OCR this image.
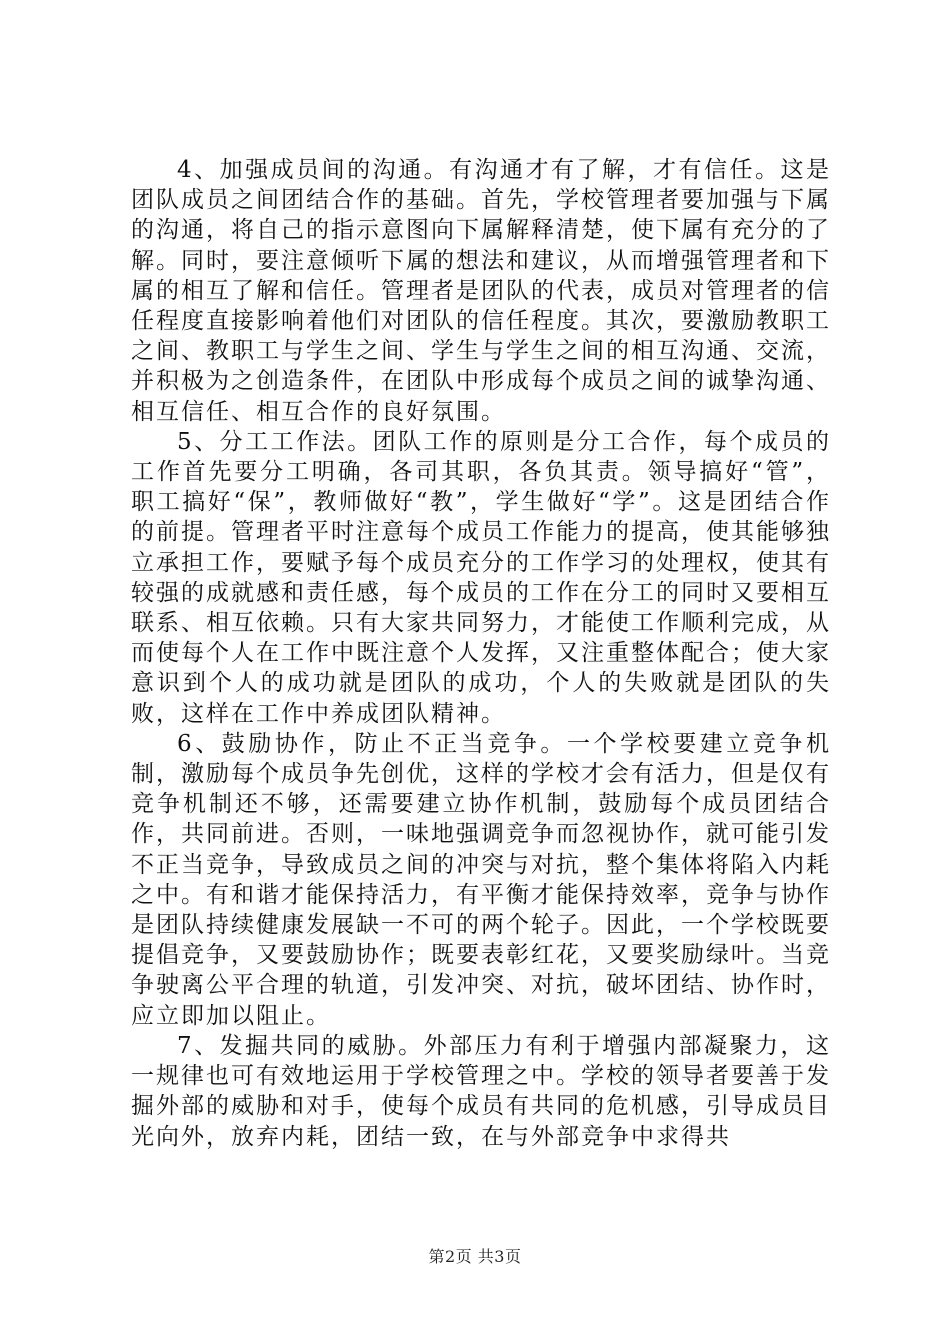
4、加强成员间的沟通。有沟通才有了解，才有信任。这是团队成员之间团结合作的基础。首先，学校管理者要加强与下属的沟通，将自己的指示意图向下属解释清楚，使下属有充分的了解。同时，要注意倾听下属的想法和建议，从而增强管理者和下属的相互了解和信任。管理者是团队的代表，成员对管理者的信任程度直接影响着他们对团队的信任程度。其次，要激励教职工之间、教职工与学生之间、学生与学生之间的相互沟通、交流，并积极为之创造条件，在团队中形成每个成员之间的诚挚沟通、相互信任、相互合作的良好氛围。

5、分工工作法。团队工作的原则是分工合作，每个成员的工作首先要分工明确，各司其职，各负其责。领导搞好“管”，职工搞好“保”，教师做好“教”，学生做好“学”。这是团结合作的前提。管理者平时注意每个成员工作能力的提高，使其能够独立承担工作，要赋予每个成员充分的工作学习的处理权，使其有较强的成就感和责任感，每个成员的工作在分工的同时又要相互联系、相互依赖。只有大家共同努力，才能使工作顺利完成，从而使每个人在工作中既注意个人发挥，又注重整体配合；使大家意识到个人的成功就是团队的成功，个人的失败就是团队的失败，这样在工作中养成团队精神。

6、鼓励协作，防止不正当竞争。一个学校要建立竞争机制，激励每个成员争先创优，这样的学校才会有活力，但是仅有竞争机制还不够，还需要建立协作机制，鼓励每个成员团结合作，共同前进。否则，一味地强调竞争而忽视协作，就可能引发不正当竞争，导致成员之间的冲突与对抗，整个集体将陷入内耗之中。有和谐才能保持活力，有平衡才能保持效率，竞争与协作是团队持续健康发展缺一不可的两个轮子。因此，一个学校既要提倡竞争，又要鼓励协作；既要表彰红花，又要奖励绿叶。当竞争驶离公平合理的轨道，引发冲突、对抗，破坏团结、协作时，应立即加以阻止。

7、发掘共同的威胁。外部压力有利于增强内部凝聚力，这一规律也可有效地运用于学校管理之中。学校的领导者要善于发掘外部的威胁和对手，使每个成员有共同的危机感，引导成员目光向外，放弃内耗，团结一致，在与外部竞争中求得共

第2页 共3页
